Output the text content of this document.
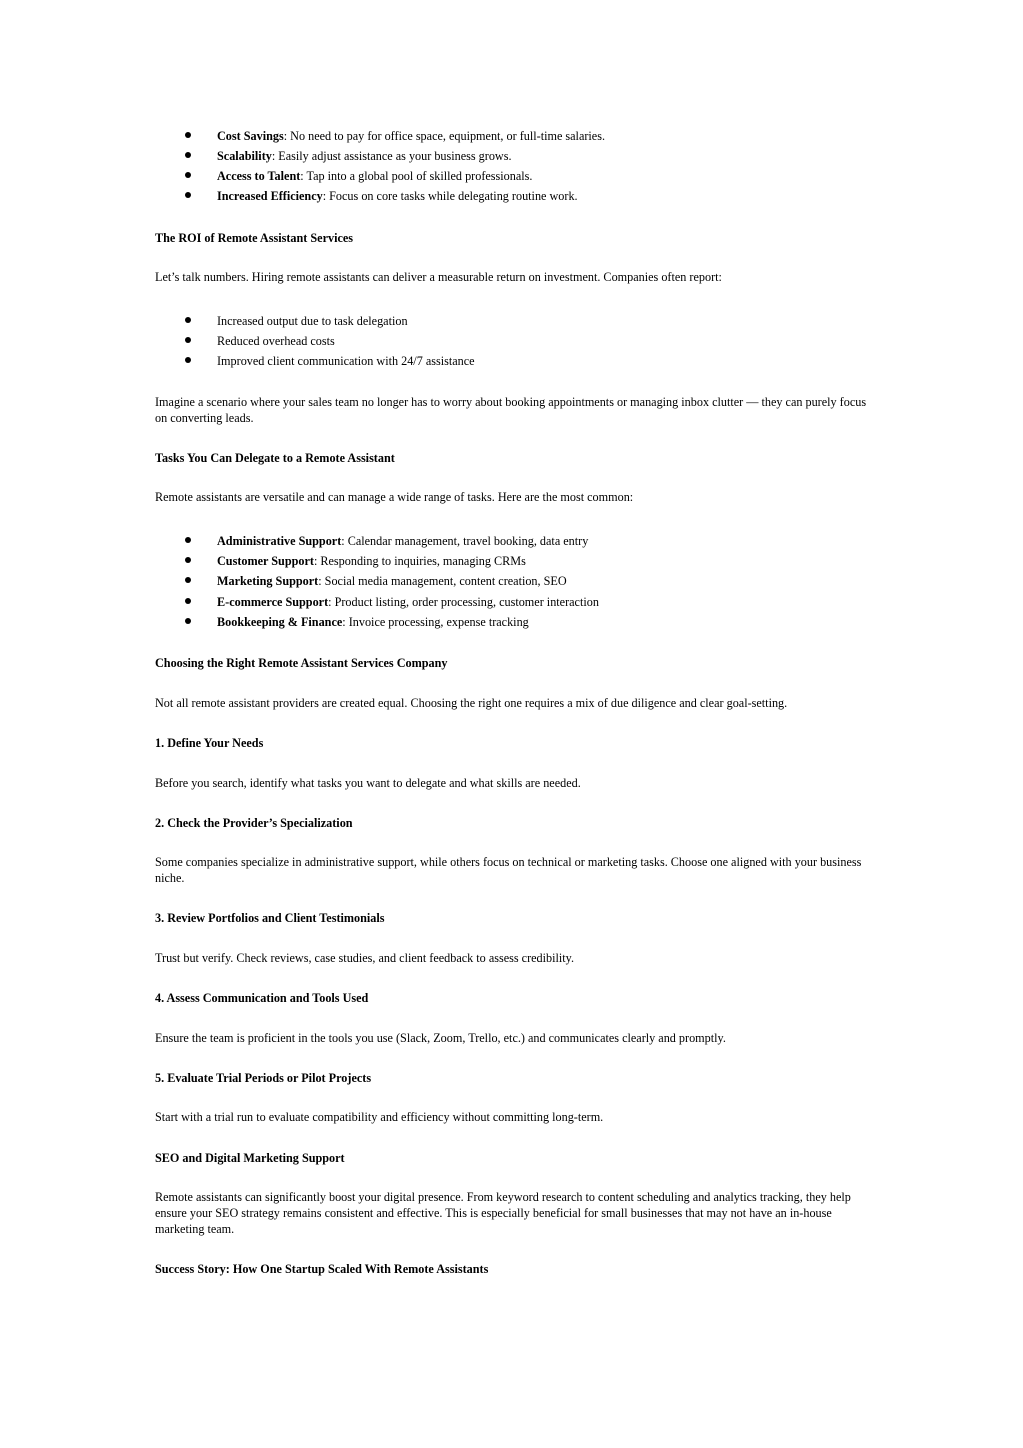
Cost Savings: No need to pay for office space, equipment, or full-time salaries.
Scalability: Easily adjust assistance as your business grows.
Access to Talent: Tap into a global pool of skilled professionals.
Increased Efficiency: Focus on core tasks while delegating routine work.
The ROI of Remote Assistant Services
Let’s talk numbers. Hiring remote assistants can deliver a measurable return on investment. Companies often report:
Increased output due to task delegation
Reduced overhead costs
Improved client communication with 24/7 assistance
Imagine a scenario where your sales team no longer has to worry about booking appointments or managing inbox clutter — they can purely focus on converting leads.
Tasks You Can Delegate to a Remote Assistant
Remote assistants are versatile and can manage a wide range of tasks. Here are the most common:
Administrative Support: Calendar management, travel booking, data entry
Customer Support: Responding to inquiries, managing CRMs
Marketing Support: Social media management, content creation, SEO
E-commerce Support: Product listing, order processing, customer interaction
Bookkeeping & Finance: Invoice processing, expense tracking
Choosing the Right Remote Assistant Services Company
Not all remote assistant providers are created equal. Choosing the right one requires a mix of due diligence and clear goal-setting.
1. Define Your Needs
Before you search, identify what tasks you want to delegate and what skills are needed.
2. Check the Provider’s Specialization
Some companies specialize in administrative support, while others focus on technical or marketing tasks. Choose one aligned with your business niche.
3. Review Portfolios and Client Testimonials
Trust but verify. Check reviews, case studies, and client feedback to assess credibility.
4. Assess Communication and Tools Used
Ensure the team is proficient in the tools you use (Slack, Zoom, Trello, etc.) and communicates clearly and promptly.
5. Evaluate Trial Periods or Pilot Projects
Start with a trial run to evaluate compatibility and efficiency without committing long-term.
SEO and Digital Marketing Support
Remote assistants can significantly boost your digital presence. From keyword research to content scheduling and analytics tracking, they help ensure your SEO strategy remains consistent and effective. This is especially beneficial for small businesses that may not have an in-house marketing team.
Success Story: How One Startup Scaled With Remote Assistants
